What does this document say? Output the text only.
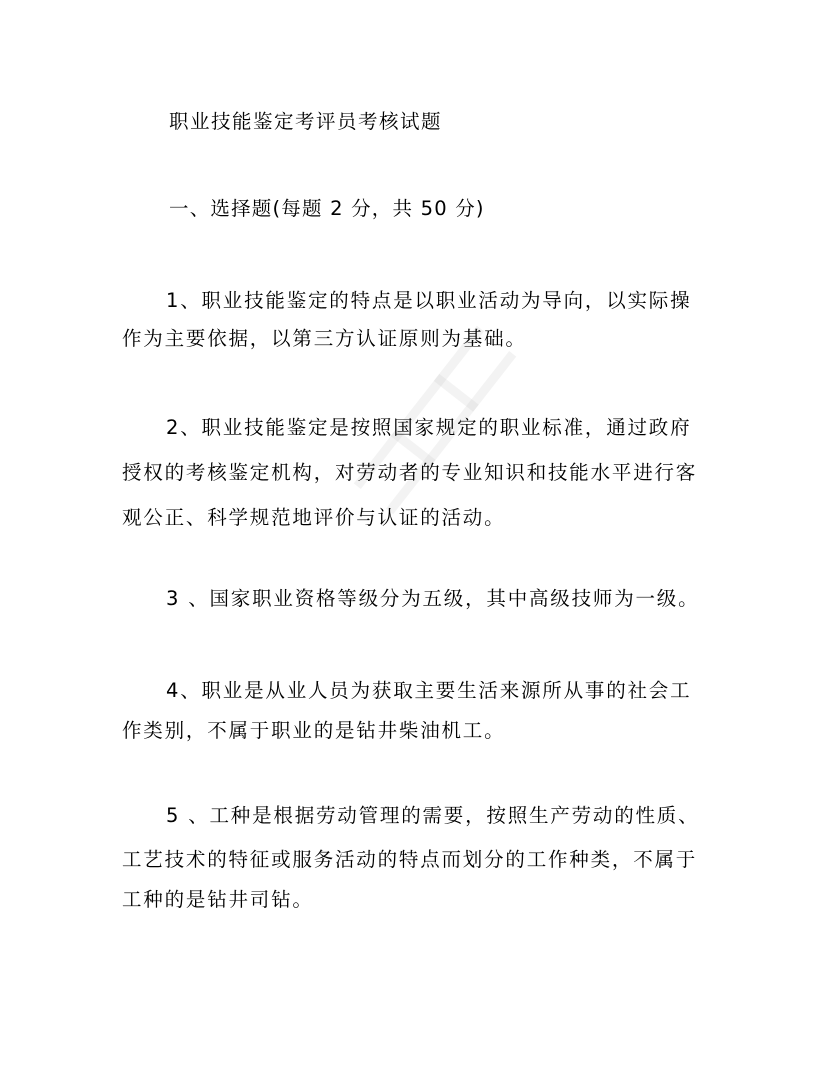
职业技能鉴定考评员考核试题

一、选择题(每题 2 分，共 50 分)

1、职业技能鉴定的特点是以职业活动为导向，以实际操

作为主要依据，以第三方认证原则为基础。

2、职业技能鉴定是按照国家规定的职业标准，通过政府

授权的考核鉴定机构，对劳动者的专业知识和技能水平进行客

观公正、科学规范地评价与认证的活动。

3 、国家职业资格等级分为五级，其中高级技师为一级。

4、职业是从业人员为获取主要生活来源所从事的社会工

作类别，不属于职业的是钻井柴油机工。

5 、工种是根据劳动管理的需要，按照生产劳动的性质、

工艺技术的特征或服务活动的特点而划分的工作种类，不属于

工种的是钻井司钻。
